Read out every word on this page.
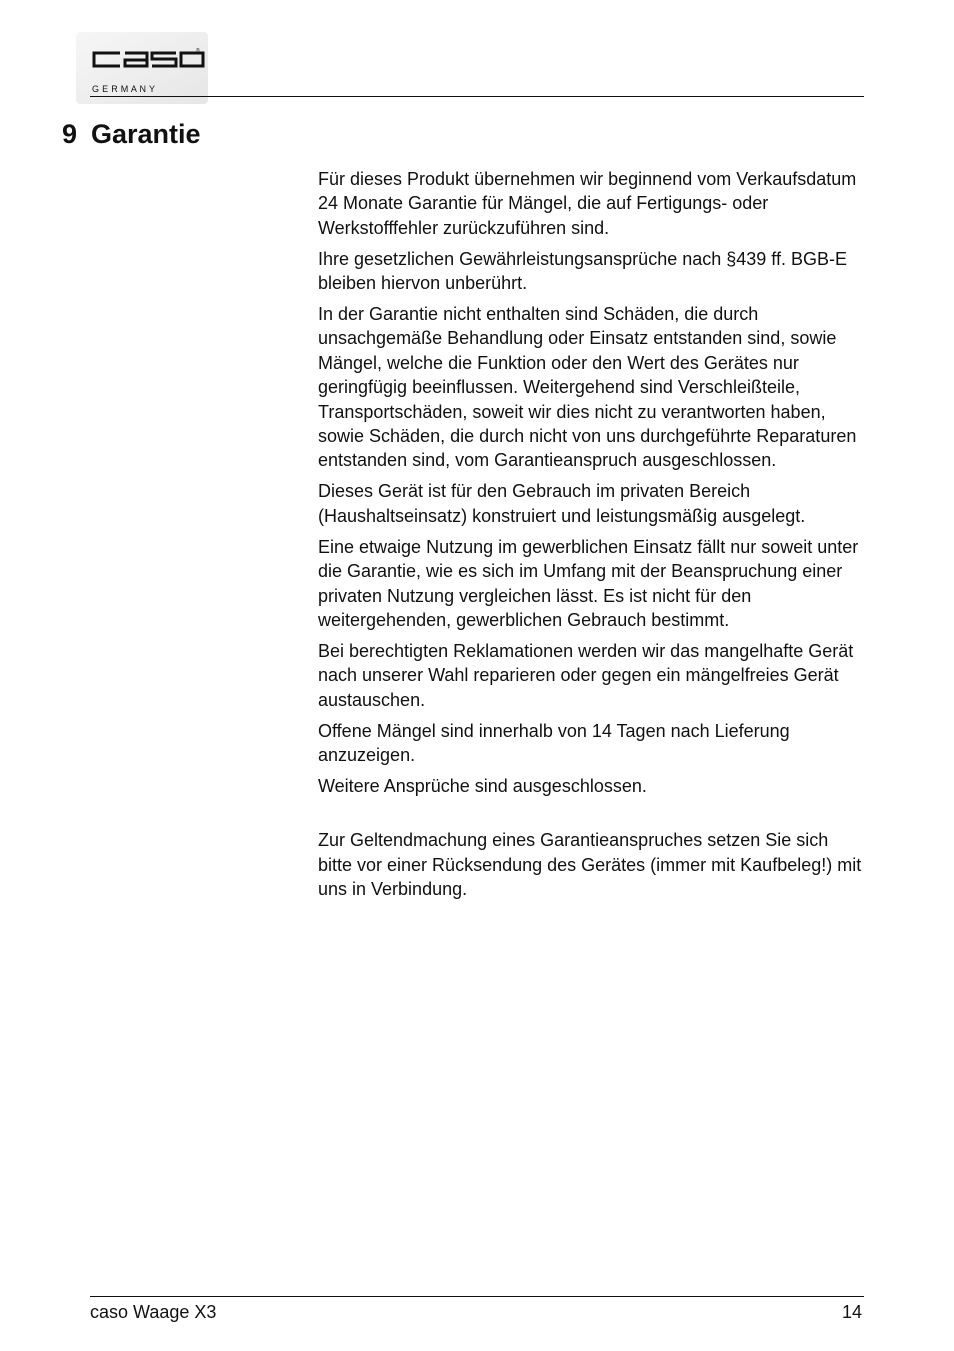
®
G E R M A N Y
9 Garantie

Für dieses Produkt übernehmen wir beginnend vom Verkaufsdatum 24 Monate Garantie für Mängel, die auf Fertigungs- oder Werkstofffehler zurückzuführen sind.

Ihre gesetzlichen Gewährleistungsansprüche nach §439 ff. BGB-E bleiben hiervon unberührt.

In der Garantie nicht enthalten sind Schäden, die durch unsachgemäße Behandlung oder Einsatz entstanden sind, sowie Mängel, welche die Funktion oder den Wert des Gerätes nur geringfügig beeinflussen. Weitergehend sind Verschleißteile, Transportschäden, soweit wir dies nicht zu verantworten haben, sowie Schäden, die durch nicht von uns durchgeführte Reparaturen entstanden sind, vom Garantieanspruch ausgeschlossen.

Dieses Gerät ist für den Gebrauch im privaten Bereich (Haushaltseinsatz) konstruiert und leistungsmäßig ausgelegt.

Eine etwaige Nutzung im gewerblichen Einsatz fällt nur soweit unter die Garantie, wie es sich im Umfang mit der Beanspruchung einer privaten Nutzung vergleichen lässt. Es ist nicht für den weitergehenden, gewerblichen Gebrauch bestimmt.

Bei berechtigten Reklamationen werden wir das mangelhafte Gerät nach unserer Wahl reparieren oder gegen ein mängelfreies Gerät austauschen.

Offene Mängel sind innerhalb von 14 Tagen nach Lieferung anzuzeigen.

Weitere Ansprüche sind ausgeschlossen.

Zur Geltendmachung eines Garantieanspruches setzen Sie sich bitte vor einer Rücksendung des Gerätes (immer mit Kaufbeleg!) mit uns in Verbindung.

caso Waage X3	14
